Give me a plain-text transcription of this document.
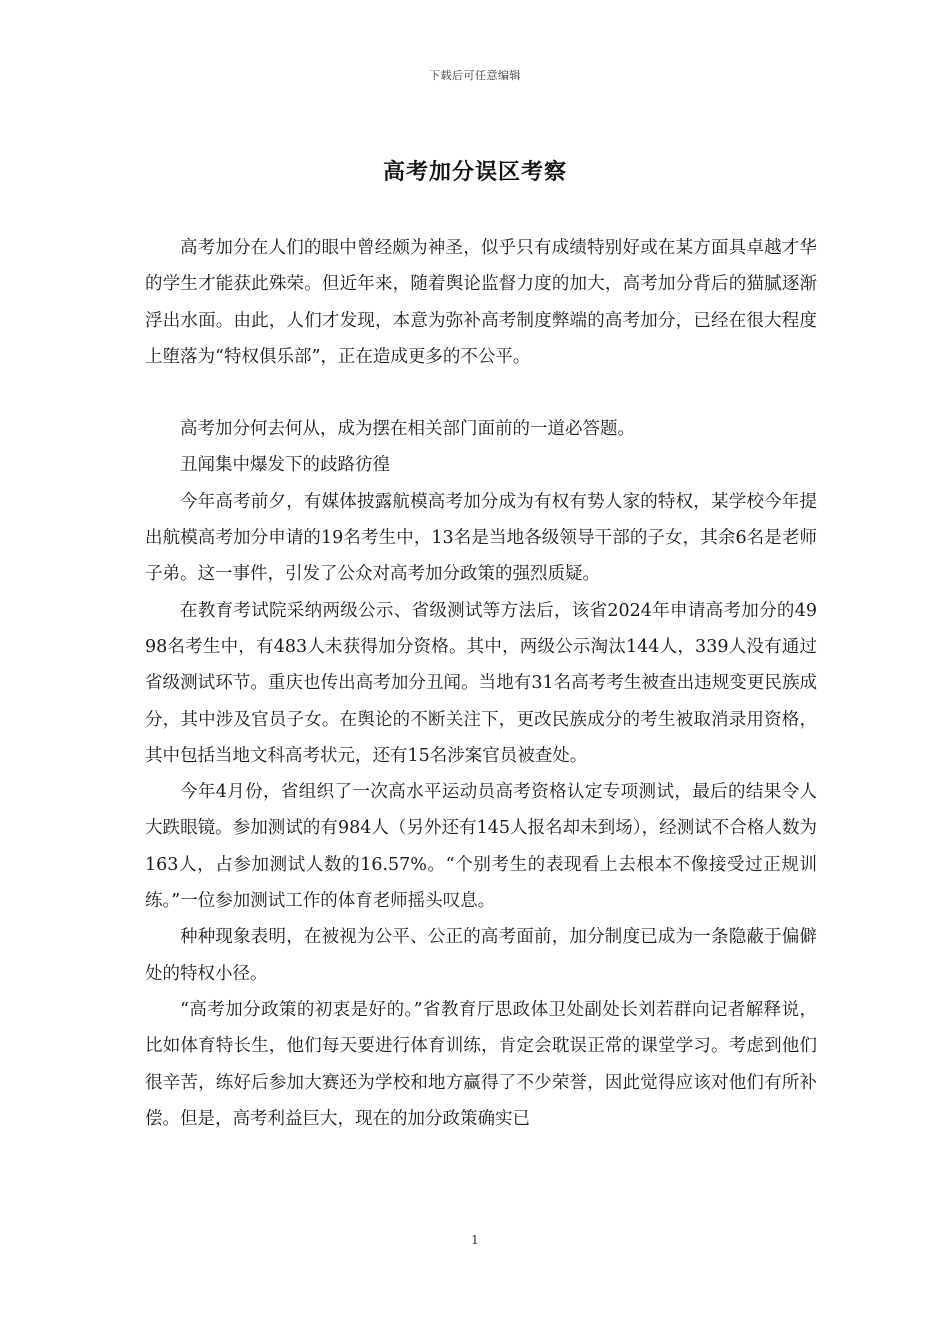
下载后可任意编辑
高考加分误区考察

高考加分在人们的眼中曾经颇为神圣，似乎只有成绩特别好或在某方面具卓越才华的学生才能获此殊荣。但近年来，随着舆论监督力度的加大，高考加分背后的猫腻逐渐浮出水面。由此，人们才发现，本意为弥补高考制度弊端的高考加分，已经在很大程度上堕落为“特权俱乐部”，正在造成更多的不公平。

高考加分何去何从，成为摆在相关部门面前的一道必答题。

丑闻集中爆发下的歧路彷徨

今年高考前夕，有媒体披露航模高考加分成为有权有势人家的特权，某学校今年提出航模高考加分申请的19名考生中，13名是当地各级领导干部的子女，其余6名是老师子弟。这一事件，引发了公众对高考加分政策的强烈质疑。

在教育考试院采纳两级公示、省级测试等方法后，该省2024年申请高考加分的4998名考生中，有483人未获得加分资格。其中，两级公示淘汰144人，339人没有通过省级测试环节。重庆也传出高考加分丑闻。当地有31名高考考生被查出违规变更民族成分，其中涉及官员子女。在舆论的不断关注下，更改民族成分的考生被取消录用资格，其中包括当地文科高考状元，还有15名涉案官员被查处。

今年4月份，省组织了一次高水平运动员高考资格认定专项测试，最后的结果令人大跌眼镜。参加测试的有984人（另外还有145人报名却未到场），经测试不合格人数为163人，占参加测试人数的16.57%。“个别考生的表现看上去根本不像接受过正规训练。”一位参加测试工作的体育老师摇头叹息。

种种现象表明，在被视为公平、公正的高考面前，加分制度已成为一条隐蔽于偏僻处的特权小径。

“高考加分政策的初衷是好的。”省教育厅思政体卫处副处长刘若群向记者解释说，比如体育特长生，他们每天要进行体育训练，肯定会耽误正常的课堂学习。考虑到他们很辛苦，练好后参加大赛还为学校和地方赢得了不少荣誉，因此觉得应该对他们有所补偿。但是，高考利益巨大，现在的加分政策确实已

1
